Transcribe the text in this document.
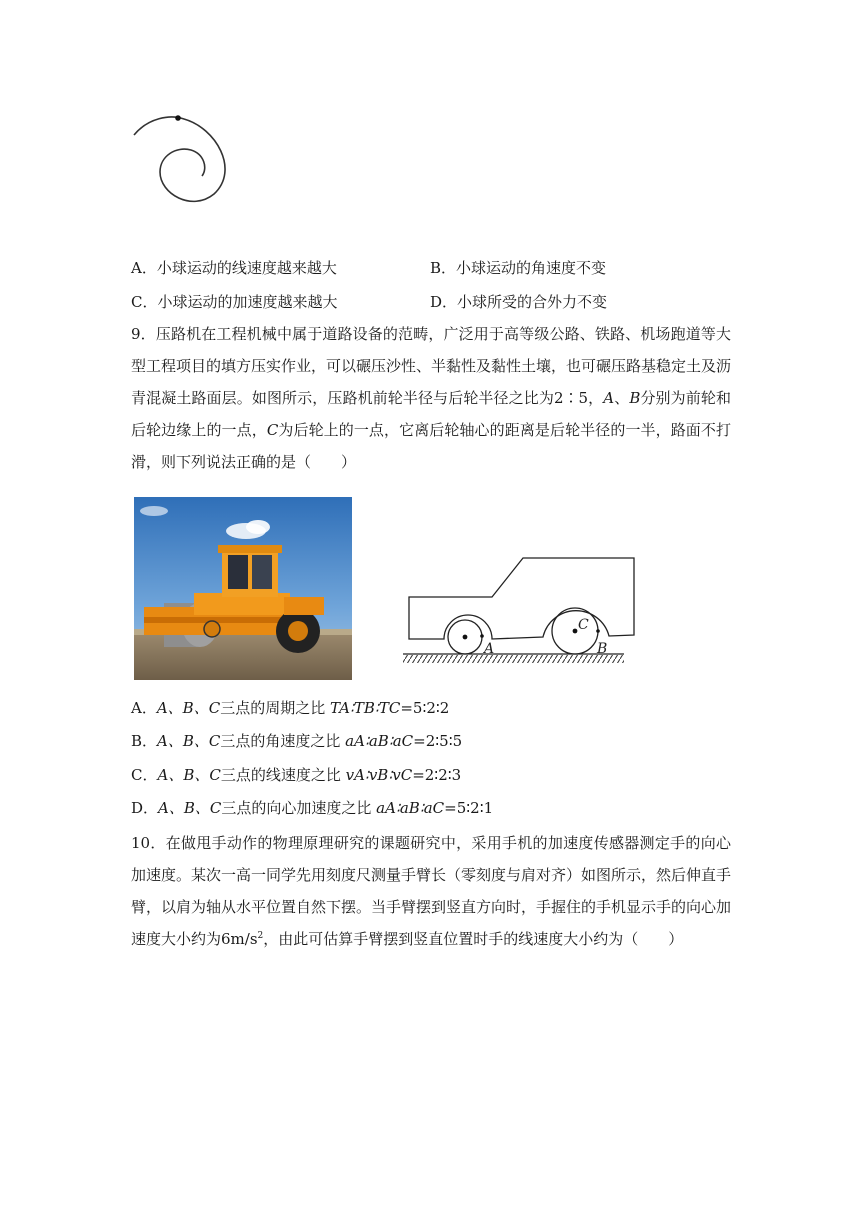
A．小球运动的线速度越来越大	B．小球运动的角速度不变
C．小球运动的加速度越来越大	D．小球所受的合外力不变
9．压路机在工程机械中属于道路设备的范畴，广泛用于高等级公路、铁路、机场跑道等大型工程项目的填方压实作业，可以碾压沙性、半黏性及黏性土壤，也可碾压路基稳定土及沥青混凝土路面层。如图所示，压路机前轮半径与后轮半径之比为2∶5，A、B分别为前轮和后轮边缘上的一点，C为后轮上的一点，它离后轮轴心的距离是后轮半径的一半，路面不打滑，则下列说法正确的是（　　）
A	B
C
A．A、B、C三点的周期之比 TA∶TB∶TC=5∶2∶2
B．A、B、C三点的角速度之比 aA∶aB∶aC=2∶5∶5
C．A、B、C三点的线速度之比 vA∶vB∶vC=2∶2∶3
D．A、B、C三点的向心加速度之比 aA∶aB∶aC=5∶2∶1
10．在做甩手动作的物理原理研究的课题研究中，采用手机的加速度传感器测定手的向心加速度。某次一高一同学先用刻度尺测量手臂长（零刻度与肩对齐）如图所示，然后伸直手臂，以肩为轴从水平位置自然下摆。当手臂摆到竖直方向时，手握住的手机显示手的向心加速度大小约为$6m/s^2$，由此可估算手臂摆到竖直位置时手的线速度大小约为（　　）
